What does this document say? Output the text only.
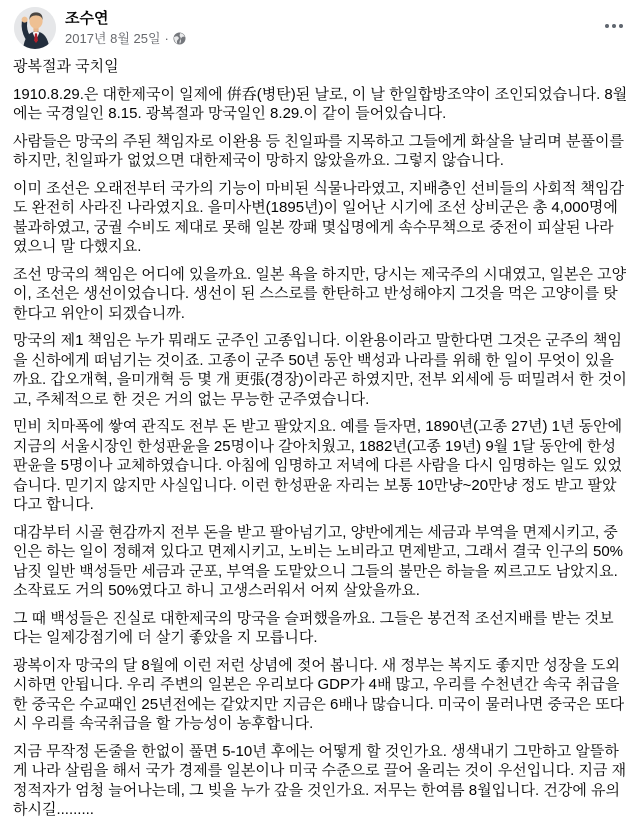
조수연
2017년 8월 25일 ·

광복절과 국치일

1910.8.29.은 대한제국이 일제에 倂呑(병탄)된 날로, 이 날 한일합방조약이 조인되었습니다. 8월에는 국경일인 8.15. 광복절과 망국일인 8.29.이 같이 들어있습니다.

사람들은 망국의 주된 책임자로 이완용 등 친일파를 지목하고 그들에게 화살을 날리며 분풀이를 하지만, 친일파가 없었으면 대한제국이 망하지 않았을까요. 그렇지 않습니다.

이미 조선은 오래전부터 국가의 기능이 마비된 식물나라였고, 지배층인 선비들의 사회적 책임감도 완전히 사라진 나라였지요. 을미사변(1895년)이 일어난 시기에 조선 상비군은 총 4,000명에 불과하였고, 궁궐 수비도 제대로 못해 일본 깡패 몇십명에게 속수무책으로 중전이 피살된 나라였으니 말 다했지요.

조선 망국의 책임은 어디에 있을까요. 일본 욕을 하지만, 당시는 제국주의 시대였고, 일본은 고양이, 조선은 생선이었습니다. 생선이 된 스스로를 한탄하고 반성해야지 그것을 먹은 고양이를 탓한다고 위안이 되겠습니까.

망국의 제1 책임은 누가 뭐래도 군주인 고종입니다. 이완용이라고 말한다면 그것은 군주의 책임을 신하에게 떠넘기는 것이죠. 고종이 군주 50년 동안 백성과 나라를 위해 한 일이 무엇이 있을까요. 갑오개혁, 을미개혁 등 몇 개 更張(경장)이라곤 하였지만, 전부 외세에 등 떠밀려서 한 것이고, 주체적으로 한 것은 거의 없는 무능한 군주였습니다.

민비 치마폭에 쌓여 관직도 전부 돈 받고 팔았지요. 예를 들자면, 1890년(고종 27년) 1년 동안에 지금의 서울시장인 한성판윤을 25명이나 갈아치웠고, 1882년(고종 19년) 9월 1달 동안에 한성판윤을 5명이나 교체하였습니다. 아침에 임명하고 저녁에 다른 사람을 다시 임명하는 일도 있었습니다. 믿기지 않지만 사실입니다. 이런 한성판윤 자리는 보통 10만냥~20만냥 정도 받고 팔았다고 합니다.

대감부터 시골 현감까지 전부 돈을 받고 팔아넘기고, 양반에게는 세금과 부역을 면제시키고, 중인은 하는 일이 정해져 있다고 면제시키고, 노비는 노비라고 면제받고, 그래서 결국 인구의 50% 남짓 일반 백성들만 세금과 군포, 부역을 도맡았으니 그들의 불만은 하늘을 찌르고도 남았지요. 소작료도 거의 50%였다고 하니 고생스러워서 어찌 살았을까요.

그 때 백성들은 진실로 대한제국의 망국을 슬퍼했을까요. 그들은 봉건적 조선지배를 받는 것보다는 일제강점기에 더 살기 좋았을 지 모릅니다.

광복이자 망국의 달 8월에 이런 저런 상념에 젖어 봅니다. 새 정부는 복지도 좋지만 성장을 도외시하면 안됩니다. 우리 주변의 일본은 우리보다 GDP가 4배 많고, 우리를 수천년간 속국 취급을 한 중국은 수교때인 25년전에는 같았지만 지금은 6배나 많습니다. 미국이 물러나면 중국은 또다시 우리를 속국취급을 할 가능성이 농후합니다.

지금 무작정 돈줄을 한없이 풀면 5-10년 후에는 어떻게 할 것인가요. 생색내기 그만하고 알뜰하게 나라 살림을 해서 국가 경제를 일본이나 미국 수준으로 끌어 올리는 것이 우선입니다. 지금 재정적자가 엄청 늘어나는데, 그 빚을 누가 갚을 것인가요. 저무는 한여름 8월입니다. 건강에 유의하시길.........
